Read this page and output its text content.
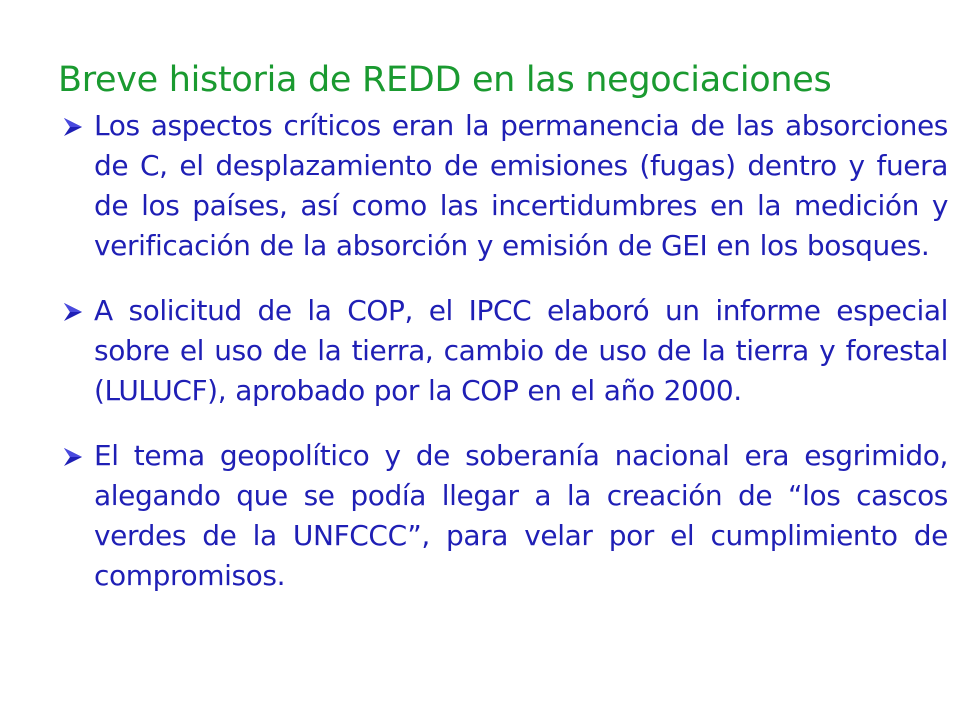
Breve historia de REDD en las negociaciones
Los aspectos críticos eran la permanencia de las absorciones de C, el desplazamiento de emisiones (fugas) dentro y fuera de los países, así como las incertidumbres en la medición y verificación de la absorción y emisión de GEI en los bosques.
A solicitud de la COP, el IPCC elaboró un informe especial sobre el uso de la tierra, cambio de uso de la tierra y forestal (LULUCF), aprobado por la COP en el año 2000.
El tema geopolítico y de soberanía nacional era esgrimido, alegando que se podía llegar a la creación de “los cascos verdes de la UNFCCC”, para velar por el cumplimiento de compromisos.
